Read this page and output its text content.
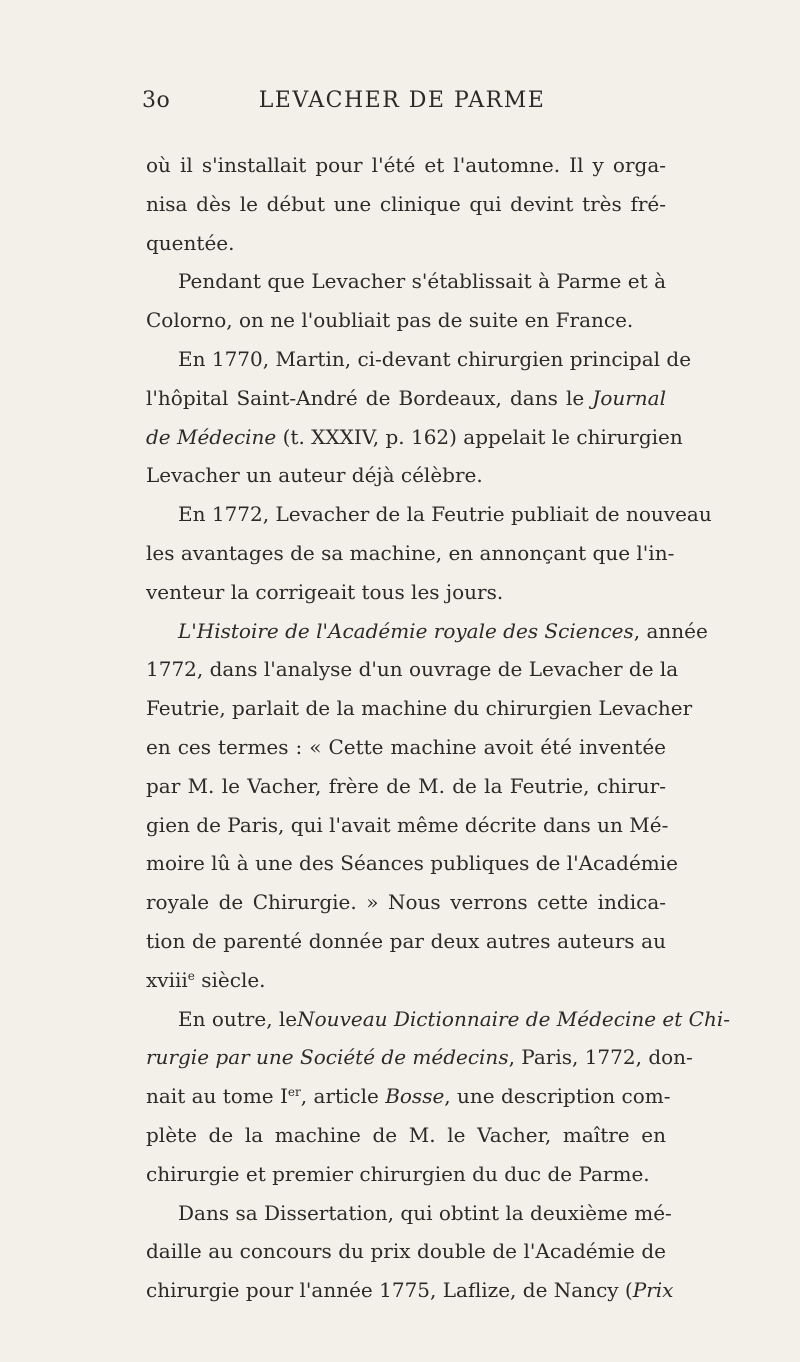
3o	LEVACHER DE PARME
où il s'installait pour l'été et l'automne. Il y orga-
nisa dès le début une clinique qui devint très fré-
quentée.
Pendant que Levacher s'établissait à Parme et à
Colorno, on ne l'oubliait pas de suite en France.
En 1770, Martin, ci-devant chirurgien principal de
l'hôpital Saint-André de Bordeaux, dans le Journal
de Médecine (t. XXXIV, p. 162) appelait le chirurgien
Levacher un auteur déjà célèbre.
En 1772, Levacher de la Feutrie publiait de nouveau
les avantages de sa machine, en annonçant que l'in-
venteur la corrigeait tous les jours.
L'Histoire de l'Académie royale des Sciences, année
1772, dans l'analyse d'un ouvrage de Levacher de la
Feutrie, parlait de la machine du chirurgien Levacher
en ces termes : « Cette machine avoit été inventée
par M. le Vacher, frère de M. de la Feutrie, chirur-
gien de Paris, qui l'avait même décrite dans un Mé-
moire lû à une des Séances publiques de l'Académie
royale de Chirurgie. » Nous verrons cette indica-
tion de parenté donnée par deux autres auteurs au
xviii$^e$ siècle.
En outre, leNouveau Dictionnaire de Médecine et Chi-
rurgie par une Société de médecins, Paris, 1772, don-
nait au tome Ier, article Bosse, une description com-
plète de la machine de M. le Vacher, maître en
chirurgie et premier chirurgien du duc de Parme.
Dans sa Dissertation, qui obtint la deuxième mé-
daille au concours du prix double de l'Académie de
chirurgie pour l'année 1775, Laflize, de Nancy (Prix
